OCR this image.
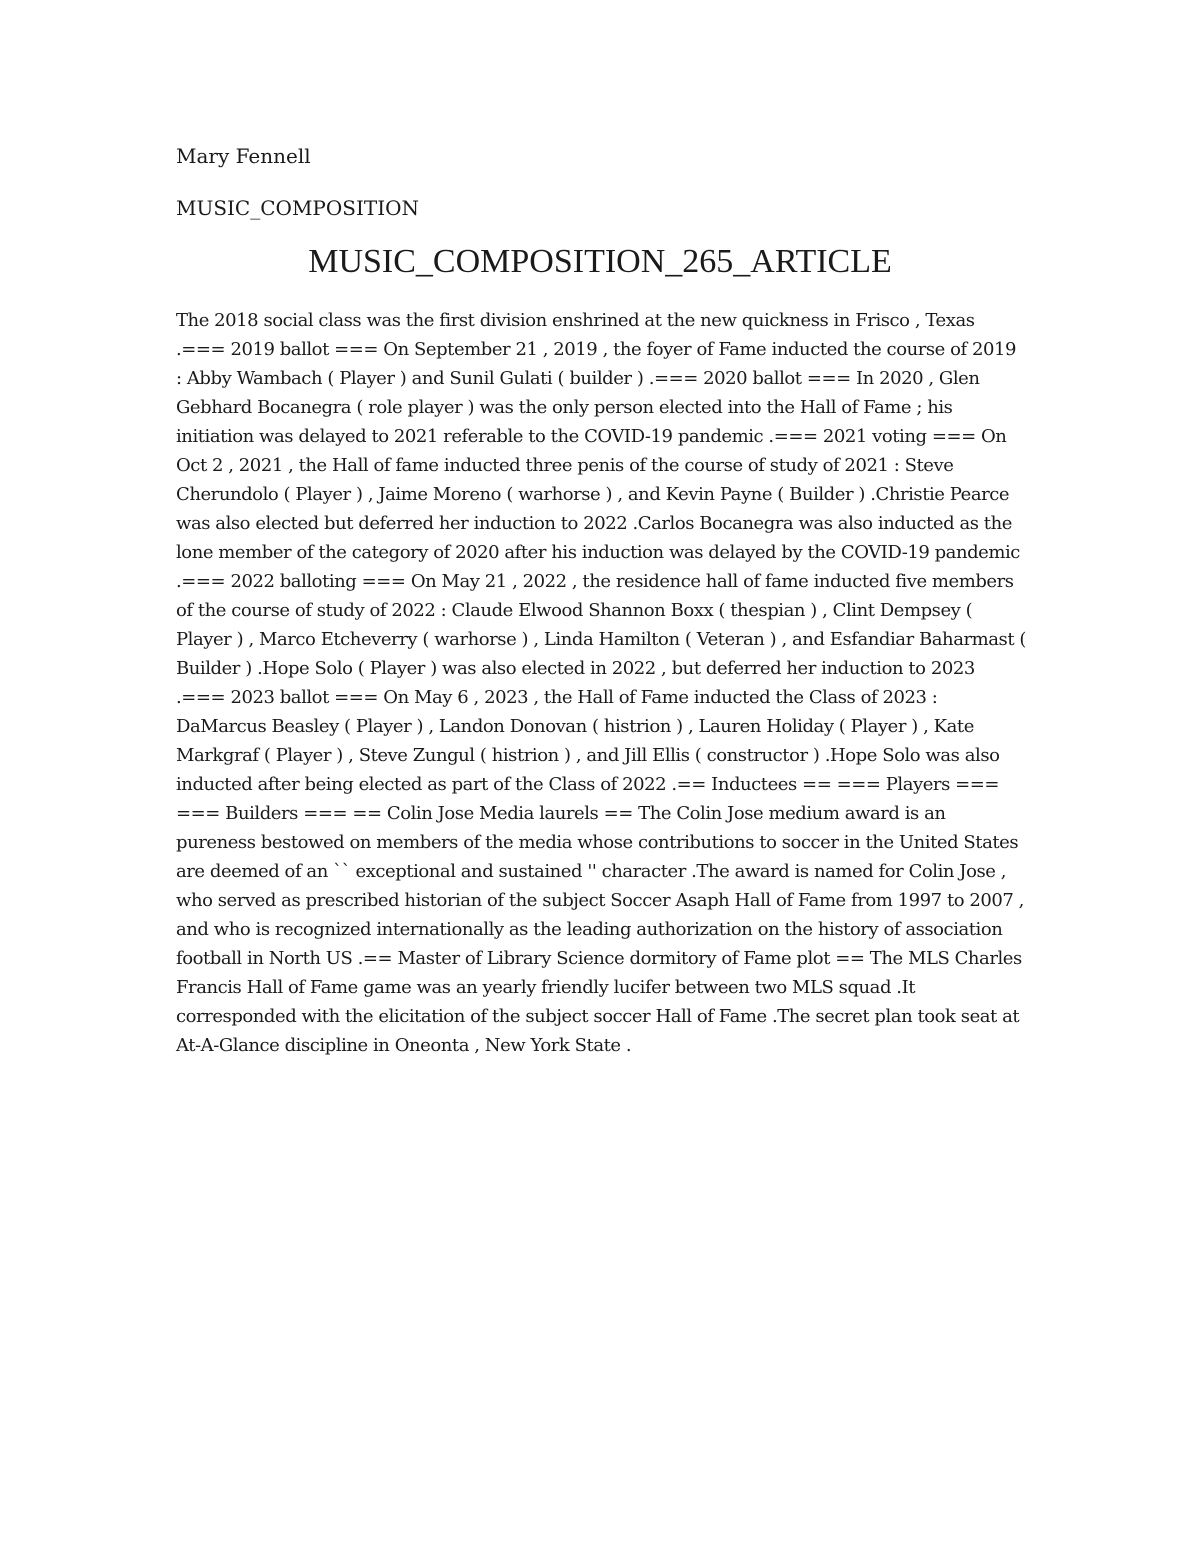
Mary Fennell
MUSIC_COMPOSITION
MUSIC_COMPOSITION_265_ARTICLE

The 2018 social class was the first division enshrined at the new quickness in Frisco , Texas .=== 2019 ballot === On September 21 , 2019 , the foyer of Fame inducted the course of 2019 : Abby Wambach ( Player ) and Sunil Gulati ( builder ) .=== 2020 ballot === In 2020 , Glen Gebhard Bocanegra ( role player ) was the only person elected into the Hall of Fame ; his initiation was delayed to 2021 referable to the COVID-19 pandemic .=== 2021 voting === On Oct 2 , 2021 , the Hall of fame inducted three penis of the course of study of 2021 : Steve Cherundolo ( Player ) , Jaime Moreno ( warhorse ) , and Kevin Payne ( Builder ) .Christie Pearce was also elected but deferred her induction to 2022 .Carlos Bocanegra was also inducted as the lone member of the category of 2020 after his induction was delayed by the COVID-19 pandemic .=== 2022 balloting === On May 21 , 2022 , the residence hall of fame inducted five members of the course of study of 2022 : Claude Elwood Shannon Boxx ( thespian ) , Clint Dempsey ( Player ) , Marco Etcheverry ( warhorse ) , Linda Hamilton ( Veteran ) , and Esfandiar Baharmast ( Builder ) .Hope Solo ( Player ) was also elected in 2022 , but deferred her induction to 2023 .=== 2023 ballot === On May 6 , 2023 , the Hall of Fame inducted the Class of 2023 : DaMarcus Beasley ( Player ) , Landon Donovan ( histrion ) , Lauren Holiday ( Player ) , Kate Markgraf ( Player ) , Steve Zungul ( histrion ) , and Jill Ellis ( constructor ) .Hope Solo was also inducted after being elected as part of the Class of 2022 .== Inductees == === Players === === Builders === == Colin Jose Media laurels == The Colin Jose medium award is an pureness bestowed on members of the media whose contributions to soccer in the United States are deemed of an `` exceptional and sustained '' character .The award is named for Colin Jose , who served as prescribed historian of the subject Soccer Asaph Hall of Fame from 1997 to 2007 , and who is recognized internationally as the leading authorization on the history of association football in North US .== Master of Library Science dormitory of Fame plot == The MLS Charles Francis Hall of Fame game was an yearly friendly lucifer between two MLS squad .It corresponded with the elicitation of the subject soccer Hall of Fame .The secret plan took seat at At-A-Glance discipline in Oneonta , New York State .
